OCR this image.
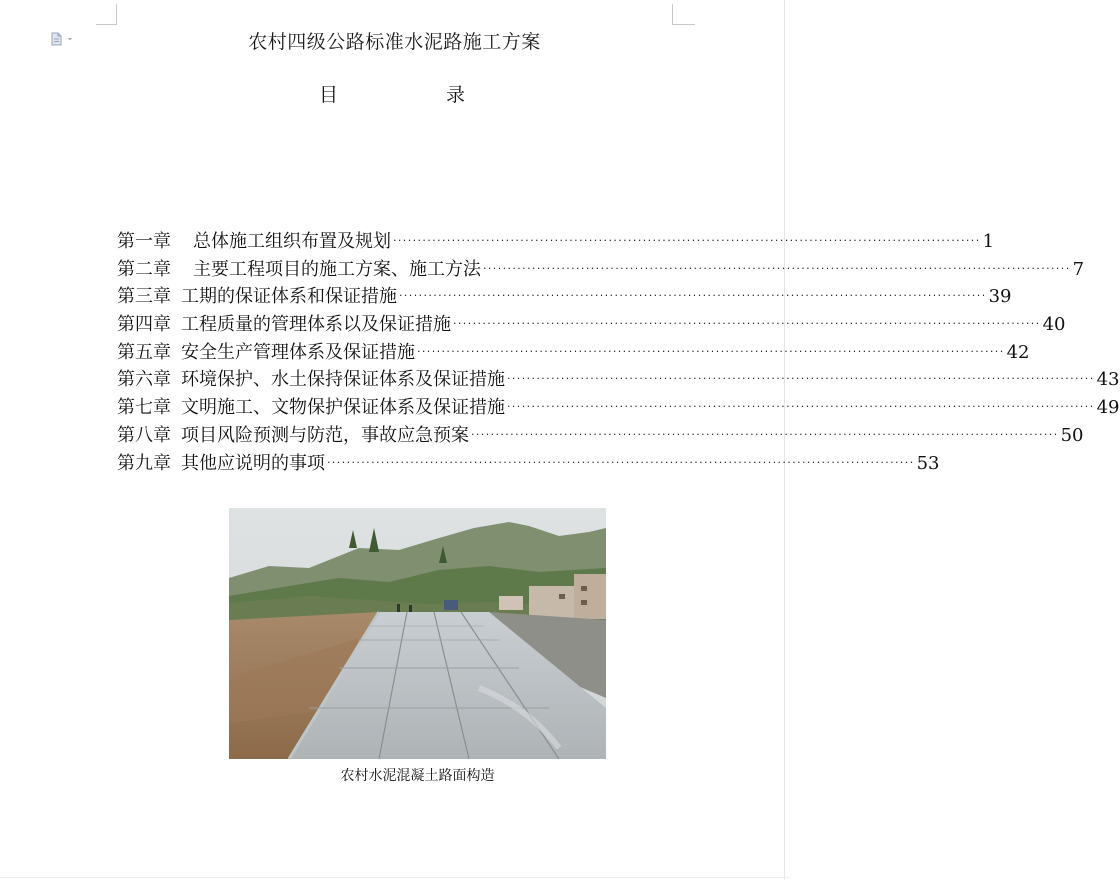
农村四级公路标准水泥路施工方案
目	录
第一章 总体施工组织布置及规划 ························································································································ 1
第二章 主要工程项目的施工方案、施工方法 ························································································································ 7
第三章 工期的保证体系和保证措施 ························································································································ 39
第四章 工程质量的管理体系以及保证措施 ························································································································ 40
第五章 安全生产管理体系及保证措施 ························································································································ 42
第六章 环境保护、水土保持保证体系及保证措施 ························································································································ 43
第七章 文明施工、文物保护保证体系及保证措施 ························································································································ 49
第八章 项目风险预测与防范，事故应急预案 ························································································································ 50
第九章 其他应说明的事项 ························································································································ 53
农村水泥混凝土路面构造
